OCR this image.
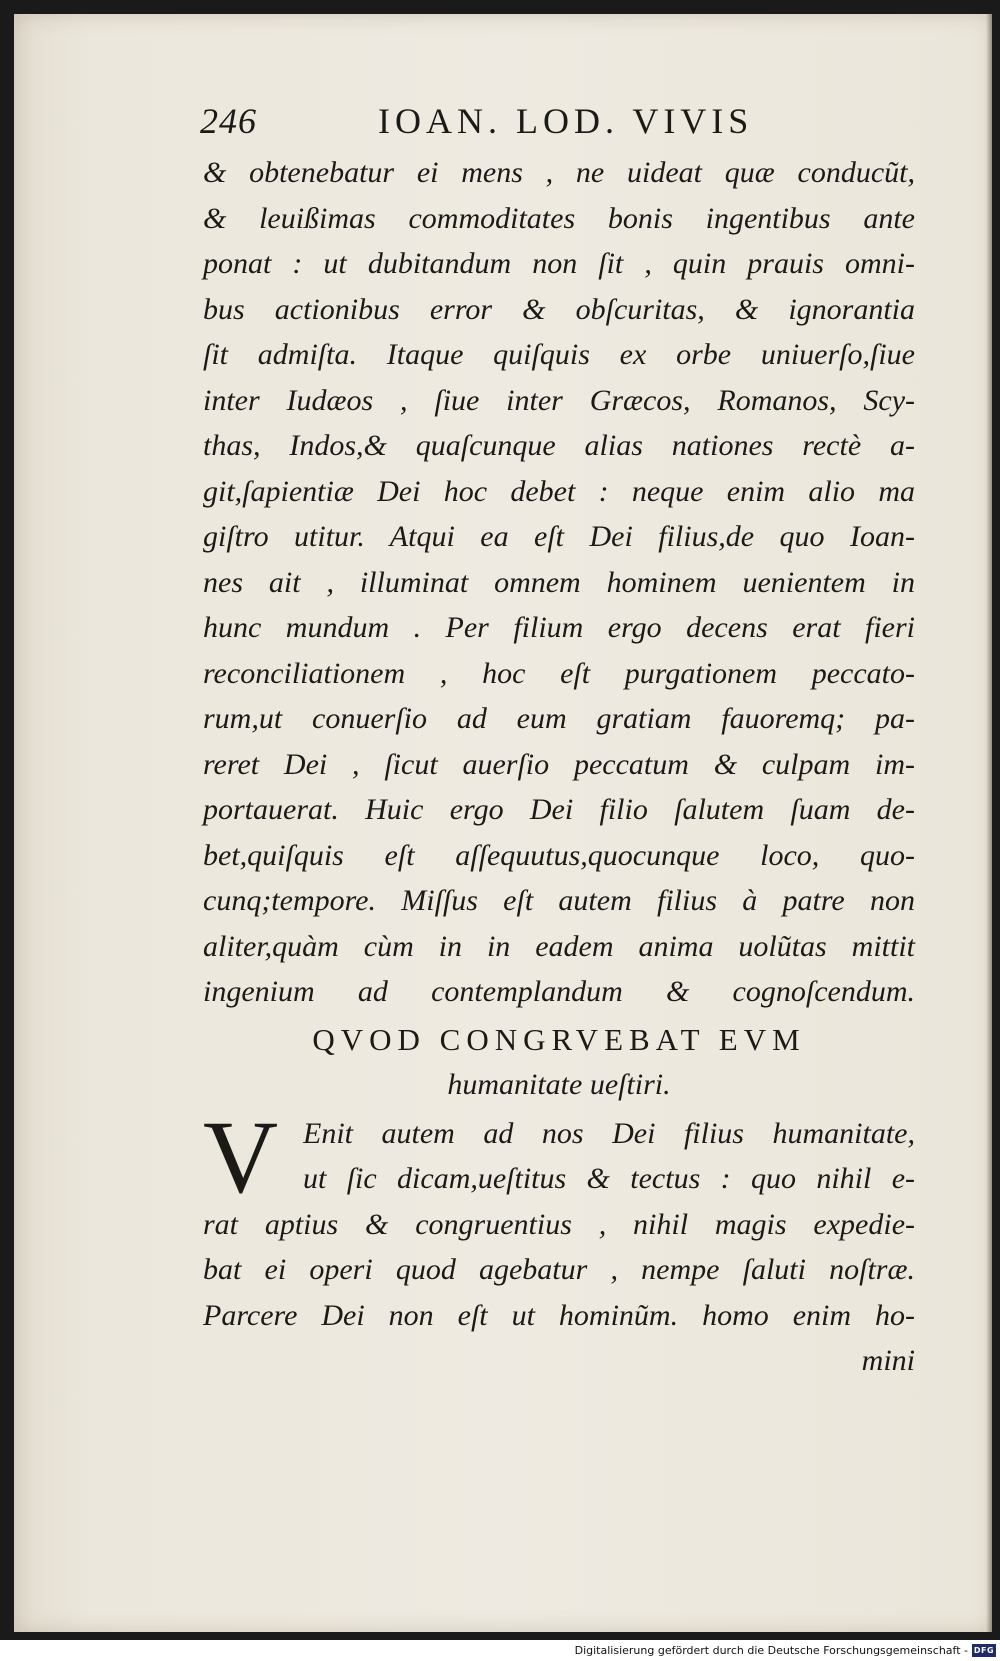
246	IOAN. LOD. VIVIS
& obtenebatur ei mens , ne uideat quæ conducũt,
& leuißimas commoditates bonis ingentibus ante
ponat : ut dubitandum non ſit , quin prauis omni-
bus actionibus error & obſcuritas, & ignorantia
ſit admiſta. Itaque quiſquis ex orbe uniuerſo,ſiue
inter Iudæos , ſiue inter Græcos, Romanos, Scy-
thas, Indos,& quaſcunque alias nationes rectè a-
git,ſapientiæ Dei hoc debet : neque enim alio ma
giſtro utitur. Atqui ea eſt Dei filius,de quo Ioan-
nes ait , illuminat omnem hominem uenientem in
hunc mundum . Per filium ergo decens erat fieri
reconciliationem , hoc eſt purgationem peccato-
rum,ut conuerſio ad eum gratiam fauoremq; pa-
reret Dei , ſicut auerſio peccatum & culpam im-
portauerat. Huic ergo Dei filio ſalutem ſuam de-
bet,quiſquis eſt aſſequutus,quocunque loco, quo-
cunq;tempore. Miſſus eſt autem filius à patre non
aliter,quàm cùm in in eadem anima uolũtas mittit
ingenium ad contemplandum & cognoſcendum.
QVOD CONGRVEBAT EVM
humanitate ueſtiri.
V Enit autem ad nos Dei filius humanitate,
ut ſic dicam,ueſtitus & tectus : quo nihil e-
rat aptius & congruentius , nihil magis expedie-
bat ei operi quod agebatur , nempe ſaluti noſtræ.
Parcere Dei non eſt ut hominũm. homo enim ho-
mini
Digitalisierung gefördert durch die Deutsche Forschungsgemeinschaft - DFG
